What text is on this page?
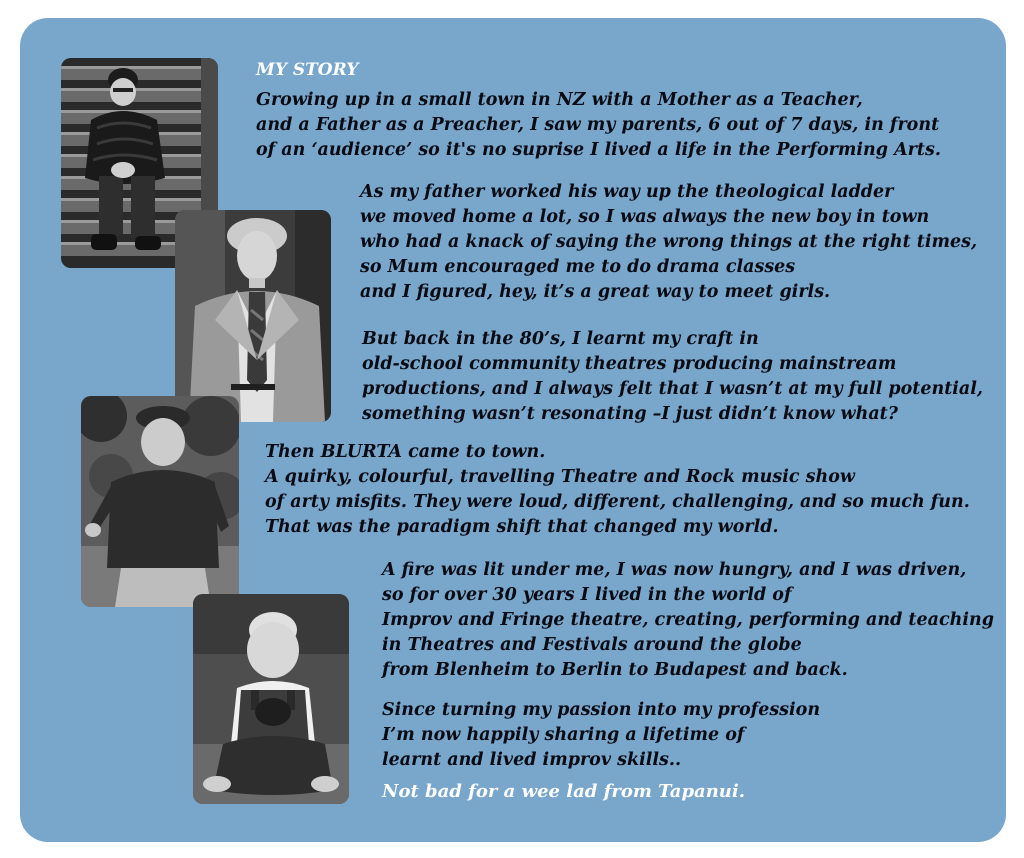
MY STORY

Growing up in a small town in NZ with a Mother as a Teacher,
and a Father as a Preacher, I saw my parents, 6 out of 7 days, in front
of an ‘audience’ so it's no suprise I lived a life in the Performing Arts.

As my father worked his way up the theological ladder
we moved home a lot, so I was always the new boy in town
who had a knack of saying the wrong things at the right times,
so Mum encouraged me to do drama classes
and I figured, hey, it’s a great way to meet girls.

But back in the 80’s, I learnt my craft in
old-school community theatres producing mainstream
productions, and I always felt that I wasn’t at my full potential,
something wasn’t resonating –I just didn’t know what?

Then BLURTA came to town.
A quirky, colourful, travelling Theatre and Rock music show
of arty misfits. They were loud, different, challenging, and so much fun.
That was the paradigm shift that changed my world.

A fire was lit under me, I was now hungry, and I was driven,
so for over 30 years I lived in the world of
Improv and Fringe theatre, creating, performing and teaching
in Theatres and Festivals around the globe
from Blenheim to Berlin to Budapest and back.

Since turning my passion into my profession
I’m now happily sharing a lifetime of
learnt and lived improv skills..

Not bad for a wee lad from Tapanui.
